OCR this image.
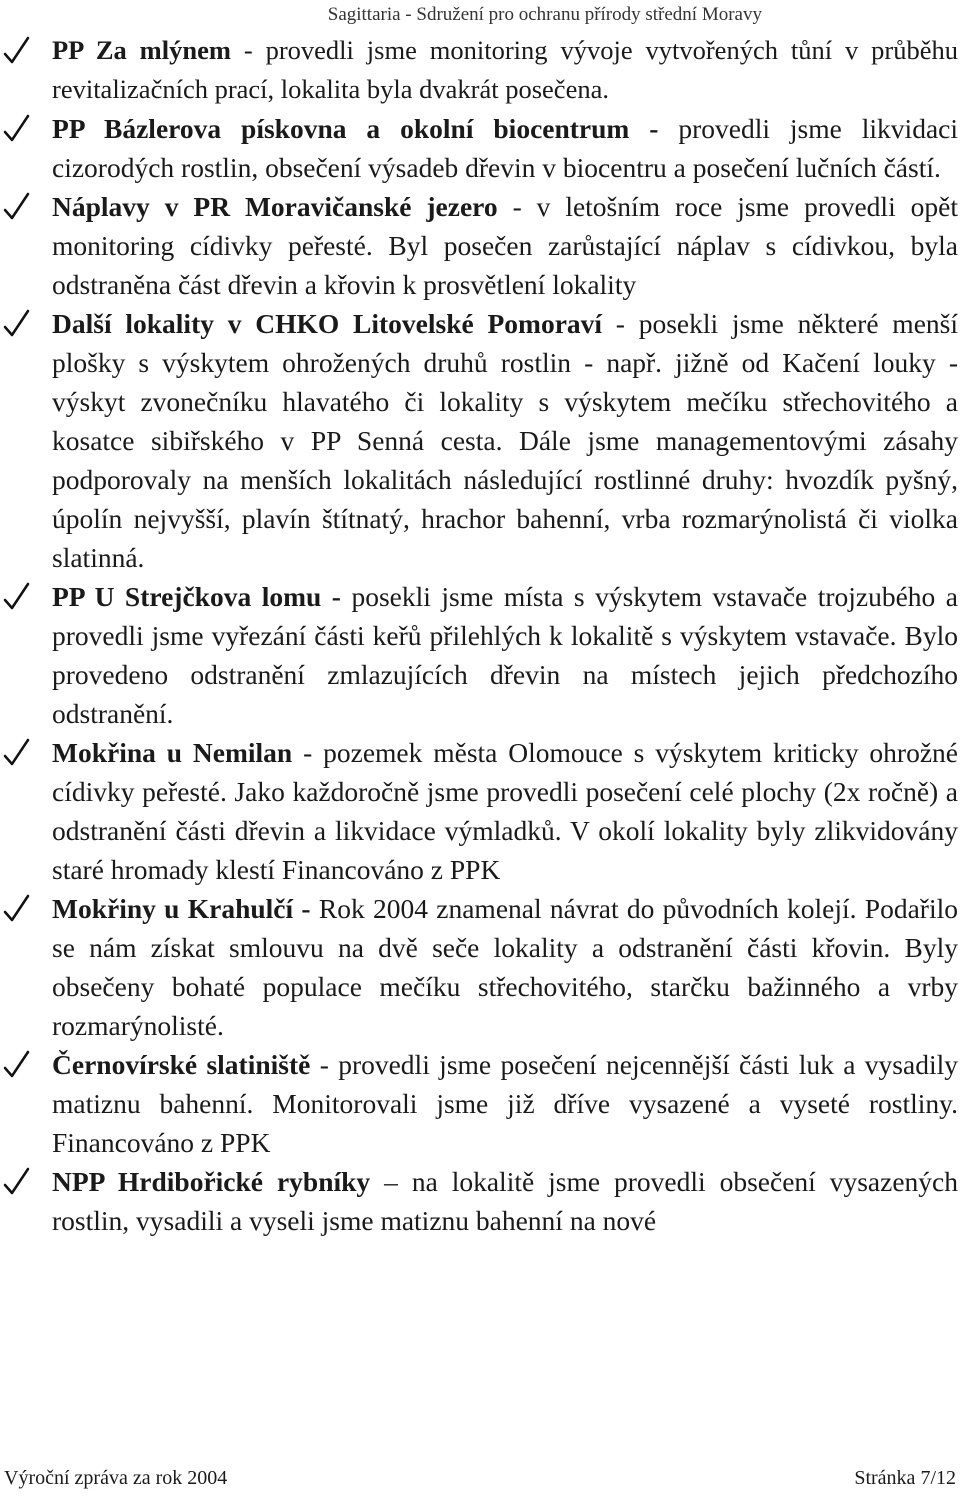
Sagittaria - Sdružení pro ochranu přírody střední Moravy
PP Za mlýnem - provedli jsme monitoring vývoje vytvořených tůní v průběhu revitalizačních prací, lokalita byla dvakrát posečena.
PP Bázlerova pískovna a okolní biocentrum - provedli jsme likvidaci cizorodých rostlin, obsečení výsadeb dřevin v biocentru a posečení lučních částí.
Náplavy v PR Moravičanské jezero - v letošním roce jsme provedli opět monitoring cídivky peřesté. Byl posečen zarůstající náplav s cídivkou, byla odstraněna část dřevin a křovin k prosvětlení lokality
Další lokality v CHKO Litovelské Pomoraví - posekli jsme některé menší plošky s výskytem ohrožených druhů rostlin - např. jižně od Kačení louky - výskyt zvonečníku hlavatého či lokality s výskytem mečíku střechovitého a kosatce sibiřského v PP Senná cesta. Dále jsme managementovými zásahy podporovaly na menších lokalitách následující rostlinné druhy: hvozdík pyšný, úpolín nejvyšší, plavín štítnatý, hrachor bahenní, vrba rozmarýnolistá či violka slatinná.
PP U Strejčkova lomu - posekli jsme místa s výskytem vstavače trojzubého a provedli jsme vyřezání části keřů přilehlých k lokalitě s výskytem vstavače. Bylo provedeno odstranění zmlazujících dřevin na místech jejich předchozího odstranění.
Mokřina u Nemilan - pozemek města Olomouce s výskytem kriticky ohrožné cídivky peřesté. Jako každoročně jsme provedli posečení celé plochy (2x ročně) a odstranění části dřevin a likvidace výmladků. V okolí lokality byly zlikvidovány staré hromady klestí Financováno z PPK
Mokřiny u Krahulčí - Rok 2004 znamenal návrat do původních kolejí. Podařilo se nám získat smlouvu na dvě seče lokality a odstranění části křovin. Byly obsečeny bohaté populace mečíku střechovitého, starčku bažinného a vrby rozmarýnolisté.
Černovírské slatiniště - provedli jsme posečení nejcennější části luk a vysadily matiznu bahenní. Monitorovali jsme již dříve vysazené a vyseté rostliny. Financováno z PPK
NPP Hrdibořické rybníky – na lokalitě jsme provedli obsečení vysazených rostlin, vysadili a vyseli jsme matiznu bahenní na nové
Výroční zpráva za rok 2004	Stránka 7/12
